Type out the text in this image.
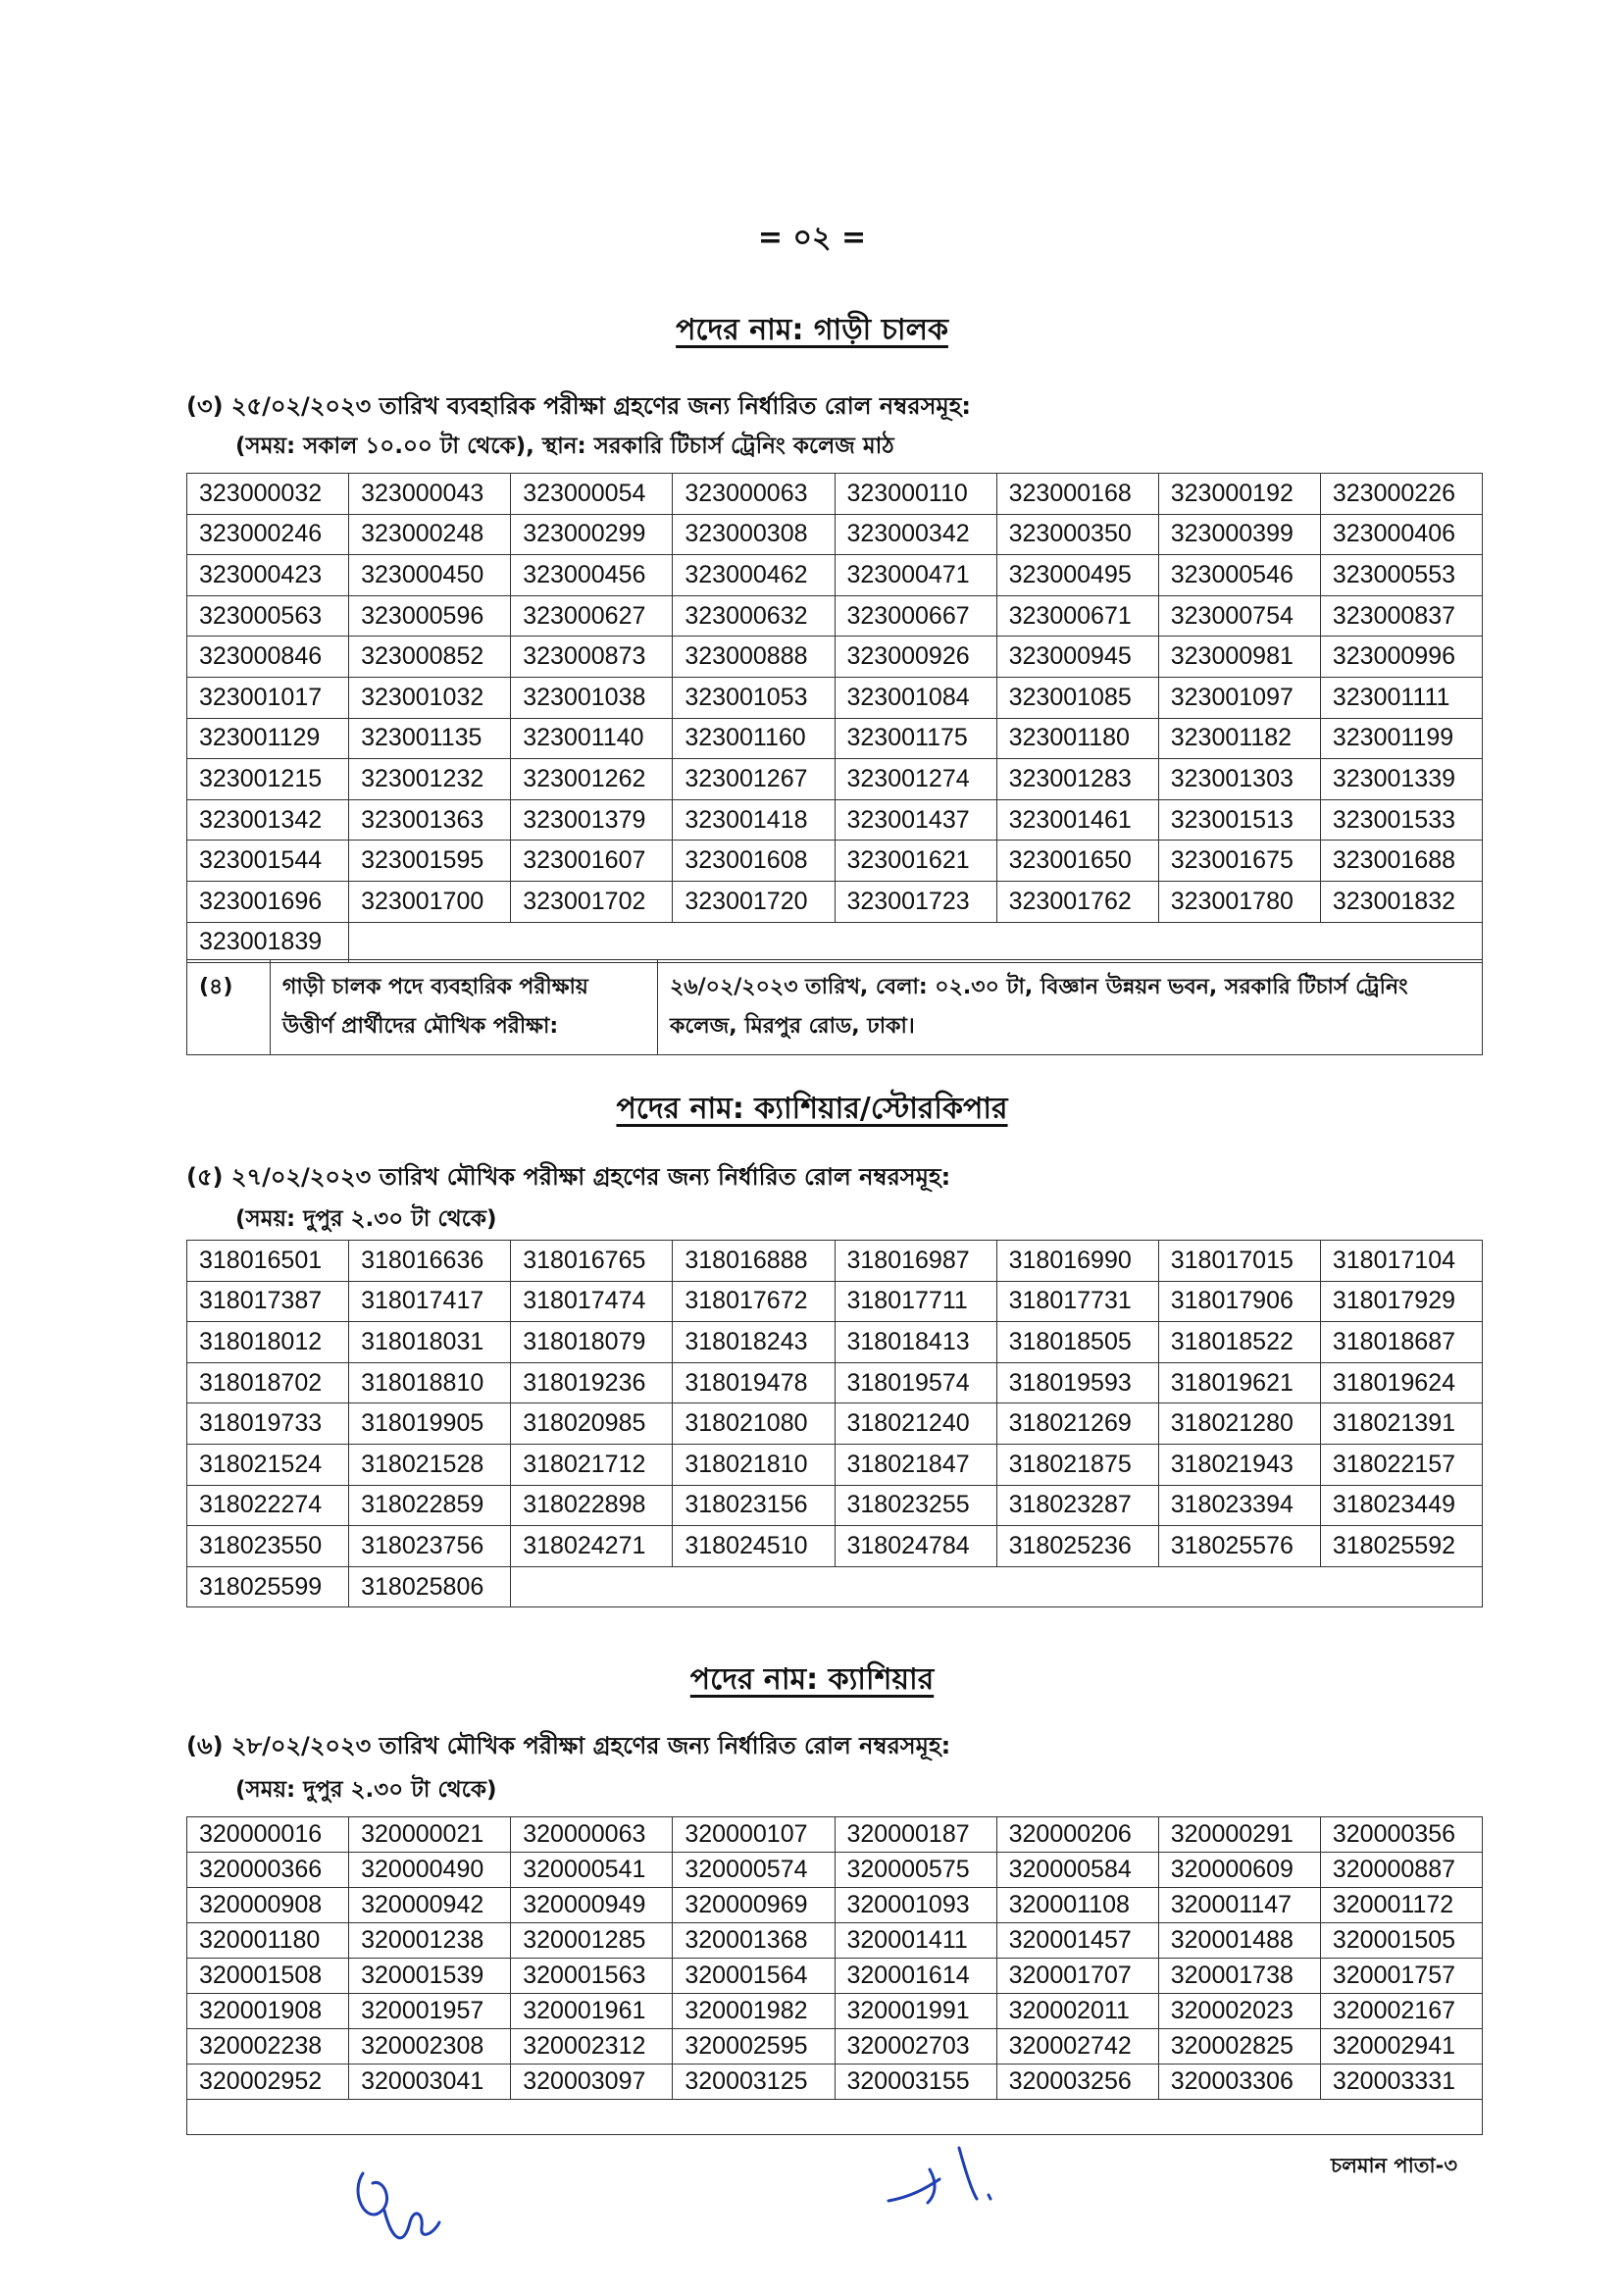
= ০২ =
পদের নাম: গাড়ী চালক
(৩) ২৫/০২/২০২৩ তারিখ ব্যবহারিক পরীক্ষা গ্রহণের জন্য নির্ধারিত রোল নম্বরসমূহ:
(সময়: সকাল ১০.০০ টা থেকে), স্থান: সরকারি টিচার্স ট্রেনিং কলেজ মাঠ
323000032	323000043	323000054	323000063	323000110	323000168	323000192	323000226
323000246	323000248	323000299	323000308	323000342	323000350	323000399	323000406
323000423	323000450	323000456	323000462	323000471	323000495	323000546	323000553
323000563	323000596	323000627	323000632	323000667	323000671	323000754	323000837
323000846	323000852	323000873	323000888	323000926	323000945	323000981	323000996
323001017	323001032	323001038	323001053	323001084	323001085	323001097	323001111
323001129	323001135	323001140	323001160	323001175	323001180	323001182	323001199
323001215	323001232	323001262	323001267	323001274	323001283	323001303	323001339
323001342	323001363	323001379	323001418	323001437	323001461	323001513	323001533
323001544	323001595	323001607	323001608	323001621	323001650	323001675	323001688
323001696	323001700	323001702	323001720	323001723	323001762	323001780	323001832
323001839							
(৪)	গাড়ী চালক পদে ব্যবহারিক পরীক্ষায় উত্তীর্ণ প্রার্থীদের মৌখিক পরীক্ষা:	২৬/০২/২০২৩ তারিখ, বেলা: ০২.৩০ টা, বিজ্ঞান উন্নয়ন ভবন, সরকারি টিচার্স ট্রেনিং কলেজ, মিরপুর রোড, ঢাকা।
পদের নাম: ক্যাশিয়ার/স্টোরকিপার
(৫) ২৭/০২/২০২৩ তারিখ মৌখিক পরীক্ষা গ্রহণের জন্য নির্ধারিত রোল নম্বরসমূহ:
(সময়: দুপুর ২.৩০ টা থেকে)
318016501	318016636	318016765	318016888	318016987	318016990	318017015	318017104
318017387	318017417	318017474	318017672	318017711	318017731	318017906	318017929
318018012	318018031	318018079	318018243	318018413	318018505	318018522	318018687
318018702	318018810	318019236	318019478	318019574	318019593	318019621	318019624
318019733	318019905	318020985	318021080	318021240	318021269	318021280	318021391
318021524	318021528	318021712	318021810	318021847	318021875	318021943	318022157
318022274	318022859	318022898	318023156	318023255	318023287	318023394	318023449
318023550	318023756	318024271	318024510	318024784	318025236	318025576	318025592
318025599	318025806						
পদের নাম: ক্যাশিয়ার
(৬) ২৮/০২/২০২৩ তারিখ মৌখিক পরীক্ষা গ্রহণের জন্য নির্ধারিত রোল নম্বরসমূহ:
(সময়: দুপুর ২.৩০ টা থেকে)
320000016	320000021	320000063	320000107	320000187	320000206	320000291	320000356
320000366	320000490	320000541	320000574	320000575	320000584	320000609	320000887
320000908	320000942	320000949	320000969	320001093	320001108	320001147	320001172
320001180	320001238	320001285	320001368	320001411	320001457	320001488	320001505
320001508	320001539	320001563	320001564	320001614	320001707	320001738	320001757
320001908	320001957	320001961	320001982	320001991	320002011	320002023	320002167
320002238	320002308	320002312	320002595	320002703	320002742	320002825	320002941
320002952	320003041	320003097	320003125	320003155	320003256	320003306	320003331

চলমান পাতা-৩
